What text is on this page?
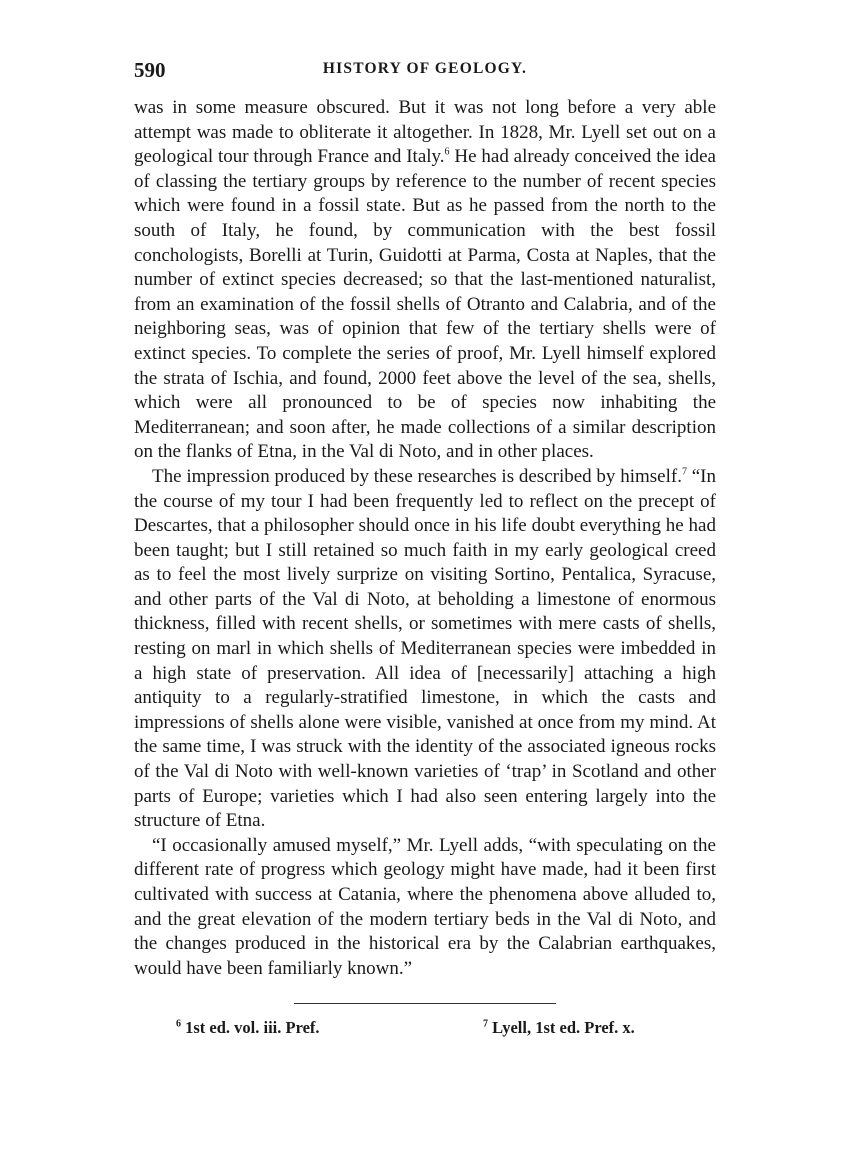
590	HISTORY OF GEOLOGY.

was in some measure obscured. But it was not long before a very able attempt was made to obliterate it altogether. In 1828, Mr. Lyell set out on a geological tour through France and Italy.$^6$ He had already conceived the idea of classing the tertiary groups by reference to the number of recent species which were found in a fossil state. But as he passed from the north to the south of Italy, he found, by communication with the best fossil conchologists, Borelli at Turin, Guidotti at Parma, Costa at Naples, that the number of extinct species decreased; so that the last-mentioned naturalist, from an examination of the fossil shells of Otranto and Calabria, and of the neighboring seas, was of opinion that few of the tertiary shells were of extinct species. To complete the series of proof, Mr. Lyell himself explored the strata of Ischia, and found, 2000 feet above the level of the sea, shells, which were all pronounced to be of species now inhabiting the Mediterranean; and soon after, he made collections of a similar description on the flanks of Etna, in the Val di Noto, and in other places.

The impression produced by these researches is described by himself.$^7$ “In the course of my tour I had been frequently led to reflect on the precept of Descartes, that a philosopher should once in his life doubt everything he had been taught; but I still retained so much faith in my early geological creed as to feel the most lively surprize on visiting Sortino, Pentalica, Syracuse, and other parts of the Val di Noto, at beholding a limestone of enormous thickness, filled with recent shells, or sometimes with mere casts of shells, resting on marl in which shells of Mediterranean species were imbedded in a high state of preservation. All idea of [necessarily] attaching a high antiquity to a regularly-stratified limestone, in which the casts and impressions of shells alone were visible, vanished at once from my mind. At the same time, I was struck with the identity of the associated igneous rocks of the Val di Noto with well-known varieties of ‘trap’ in Scotland and other parts of Europe; varieties which I had also seen entering largely into the structure of Etna.

“I occasionally amused myself,” Mr. Lyell adds, “with speculating on the different rate of progress which geology might have made, had it been first cultivated with success at Catania, where the phenomena above alluded to, and the great elevation of the modern tertiary beds in the Val di Noto, and the changes produced in the historical era by the Calabrian earthquakes, would have been familiarly known.”

$^6$ 1st ed. vol. iii. Pref.	$^7$ Lyell, 1st ed. Pref. x.
